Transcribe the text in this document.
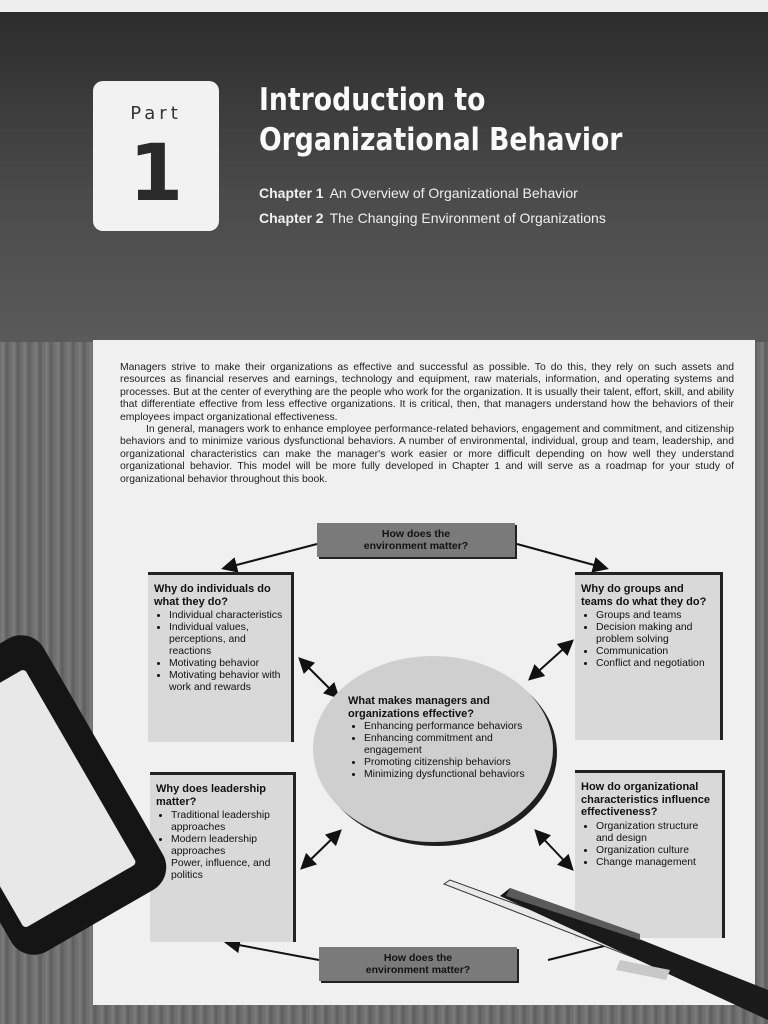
Part
1
Introduction to
Organizational Behavior
Chapter 1 An Overview of Organizational Behavior
Chapter 2 The Changing Environment of Organizations

Managers strive to make their organizations as effective and successful as possible. To do this, they rely on such assets and resources as financial reserves and earnings, technology and equipment, raw materials, information, and operating systems and processes. But at the center of everything are the people who work for the organization. It is usually their talent, effort, skill, and ability that differentiate effective from less effective organizations. It is critical, then, that managers understand how the behaviors of their employees impact organizational effectiveness.

In general, managers work to enhance employee performance-related behaviors, engagement and commitment, and citizenship behaviors and to minimize various dysfunctional behaviors. A number of environmental, individual, group and team, leadership, and organizational characteristics can make the manager's work easier or more difficult depending on how well they understand organizational behavior. This model will be more fully developed in Chapter 1 and will serve as a roadmap for your study of organizational behavior throughout this book.

How does the
environment matter?
Why do individuals do what they do?
• Individual characteristics
• Individual values, perceptions, and reactions
• Motivating behavior
• Motivating behavior with work and rewards
Why do groups and teams do what they do?
• Groups and teams
• Decision making and problem solving
• Communication
• Conflict and negotiation
What makes managers and organizations effective?
• Enhancing performance behaviors
• Enhancing commitment and engagement
• Promoting citizenship behaviors
• Minimizing dysfunctional behaviors
Why does leadership matter?
• Traditional leadership approaches
• Modern leadership approaches
• Power, influence, and politics
How do organizational characteristics influence effectiveness?
• Organization structure and design
• Organization culture
• Change management
How does the
environment matter?
